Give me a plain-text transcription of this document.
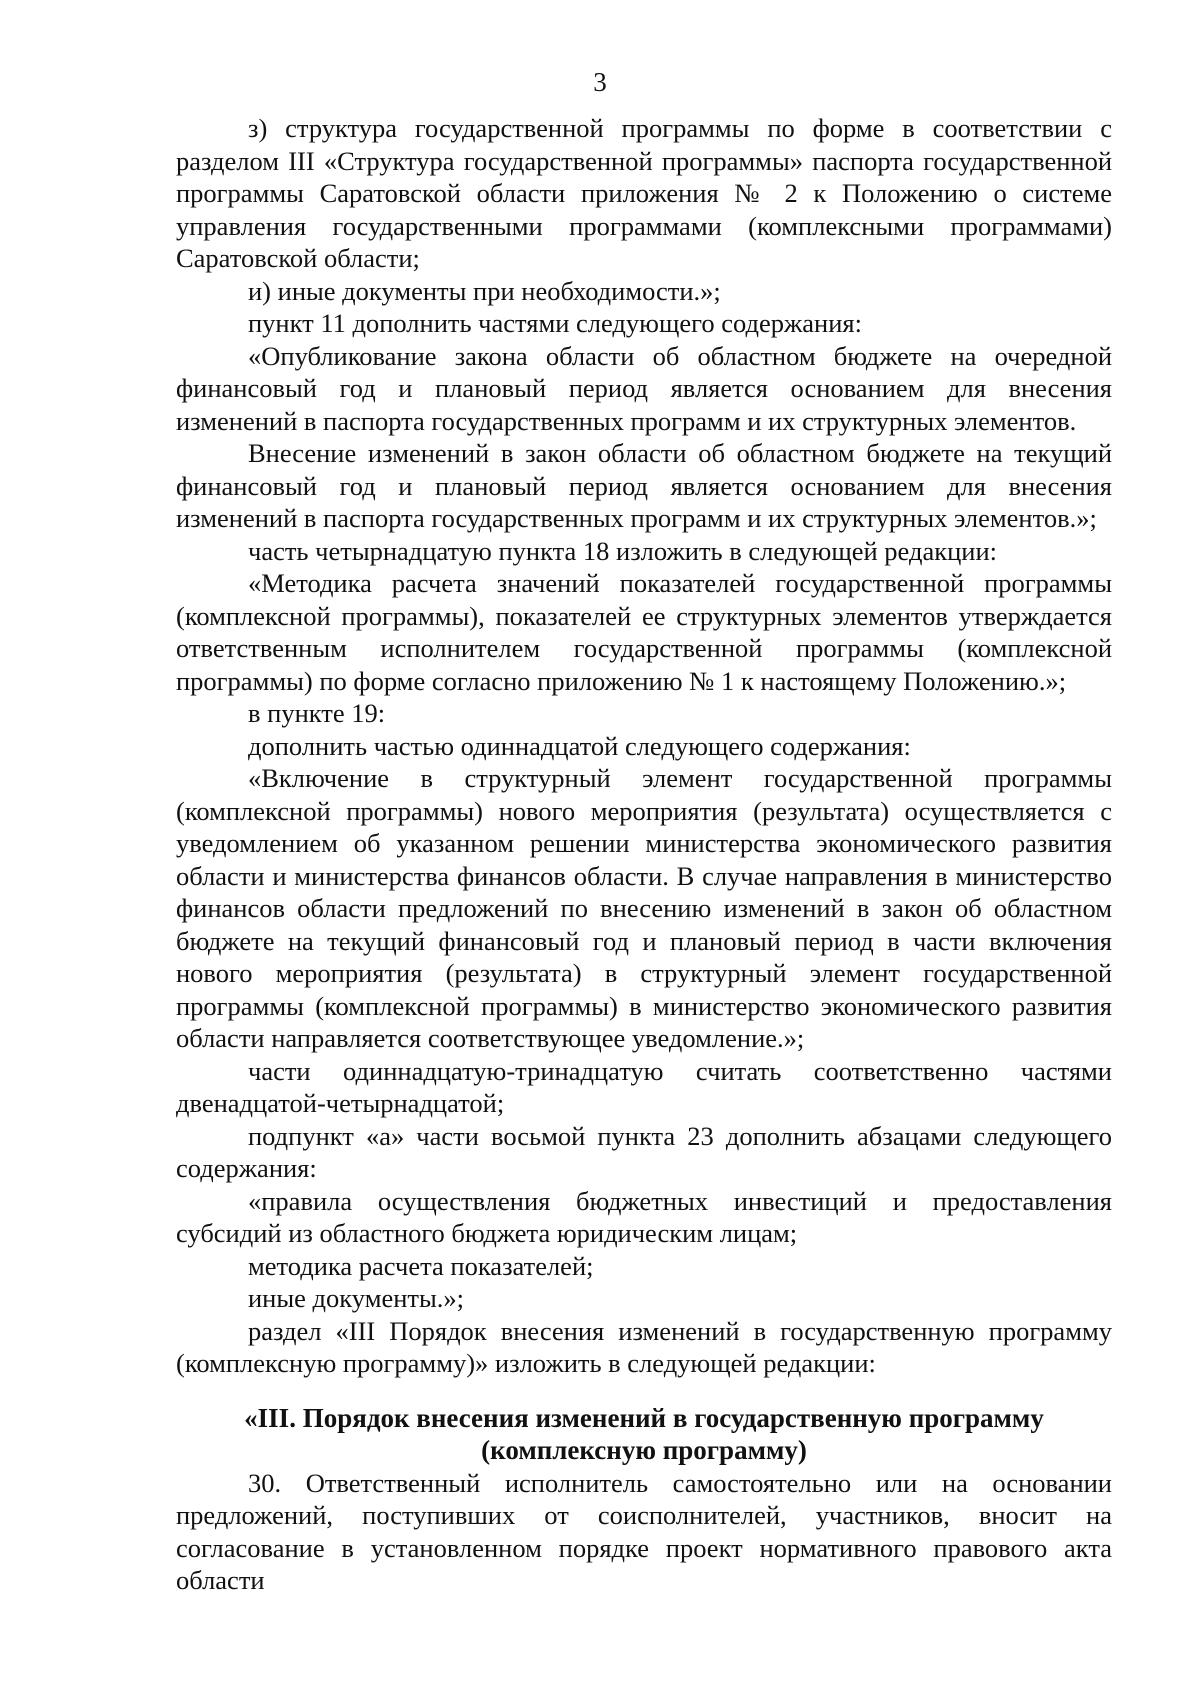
3

з) структура государственной программы по форме в соответствии с разделом III «Структура государственной программы» паспорта государственной программы Саратовской области приложения № 2 к Положению о системе управления государственными программами (комплексными программами) Саратовской области;

и) иные документы при необходимости.»;

пункт 11 дополнить частями следующего содержания:

«Опубликование закона области об областном бюджете на очередной финансовый год и плановый период является основанием для внесения изменений в паспорта государственных программ и их структурных элементов.

Внесение изменений в закон области об областном бюджете на текущий финансовый год и плановый период является основанием для внесения изменений в паспорта государственных программ и их структурных элементов.»;

часть четырнадцатую пункта 18 изложить в следующей редакции:

«Методика расчета значений показателей государственной программы (комплексной программы), показателей ее структурных элементов утверждается ответственным исполнителем государственной программы (комплексной программы) по форме согласно приложению № 1 к настоящему Положению.»;

в пункте 19:

дополнить частью одиннадцатой следующего содержания:

«Включение в структурный элемент государственной программы (комплексной программы) нового мероприятия (результата) осуществляется с уведомлением об указанном решении министерства экономического развития области и министерства финансов области. В случае направления в министерство финансов области предложений по внесению изменений в закон об областном бюджете на текущий финансовый год и плановый период в части включения нового мероприятия (результата) в структурный элемент государственной программы (комплексной программы) в министерство экономического развития области направляется соответствующее уведомление.»;

части одиннадцатую-тринадцатую считать соответственно частями двенадцатой-четырнадцатой;

подпункт «а» части восьмой пункта 23 дополнить абзацами следующего содержания:

«правила осуществления бюджетных инвестиций и предоставления субсидий из областного бюджета юридическим лицам;

методика расчета показателей;

иные документы.»;

раздел «III Порядок внесения изменений в государственную программу (комплексную программу)» изложить в следующей редакции:

«III. Порядок внесения изменений в государственную программу
(комплексную программу)

30. Ответственный исполнитель самостоятельно или на основании предложений, поступивших от соисполнителей, участников, вносит на согласование в установленном порядке проект нормативного правового акта области
